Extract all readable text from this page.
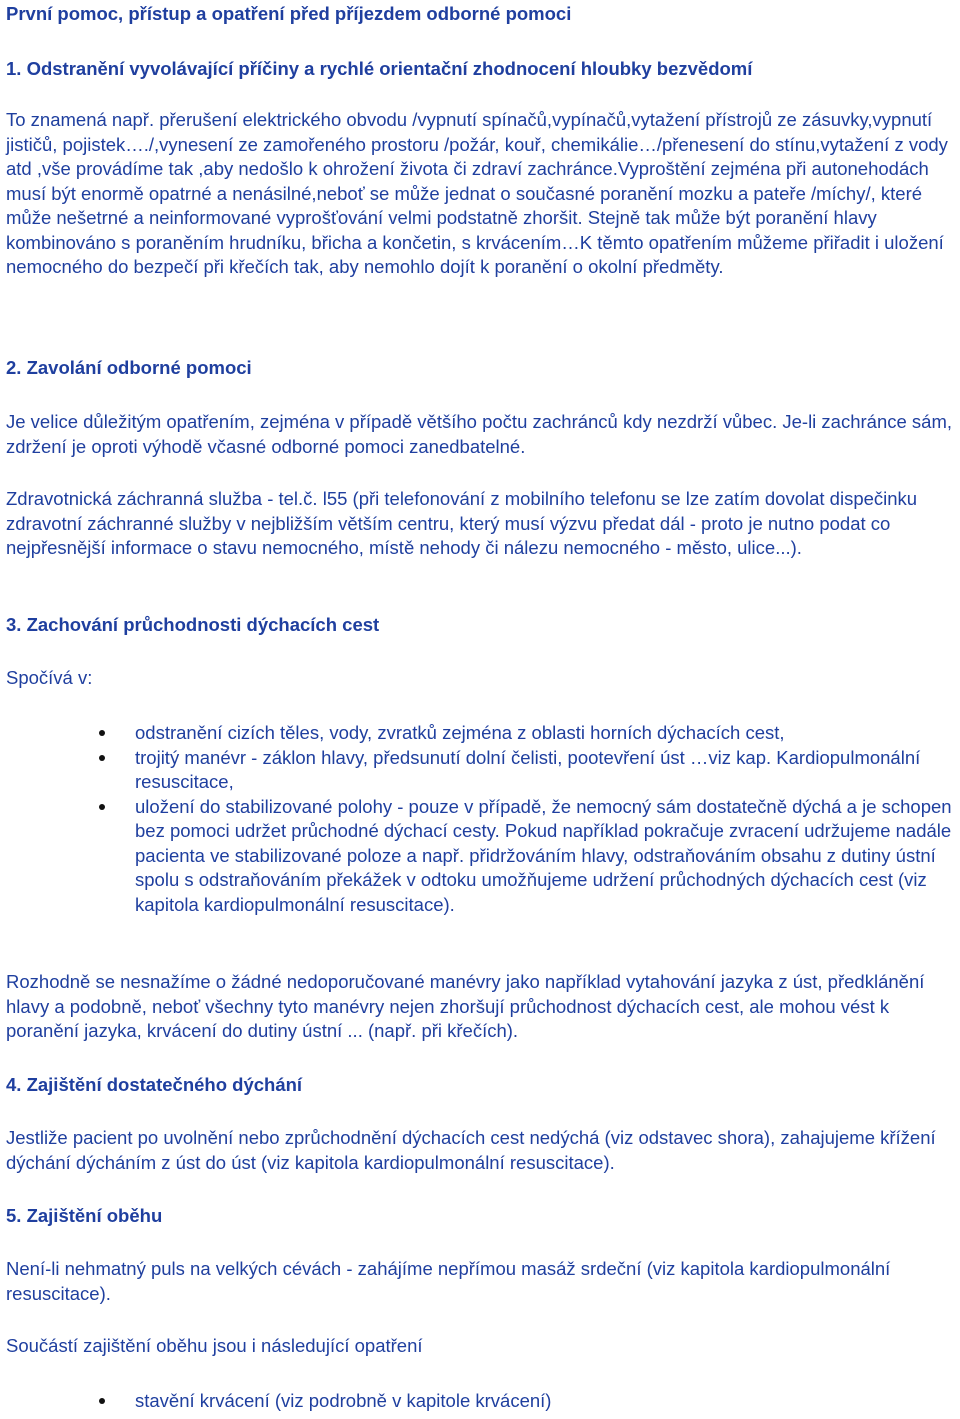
První pomoc, přístup a opatření před příjezdem odborné pomoci

1. Odstranění vyvolávající příčiny a rychlé orientační zhodnocení hloubky bezvědomí

To znamená např. přerušení elektrického obvodu /vypnutí spínačů,vypínačů,vytažení přístrojů ze zásuvky,vypnutí jističů, pojistek…./,vynesení ze zamořeného prostoru /požár, kouř, chemikálie…/přenesení do stínu,vytažení z vody atd ,vše provádíme tak ,aby nedošlo k ohrožení života či zdraví zachránce.Vyproštění zejména při autonehodách musí být enormě opatrné a nenásilné,neboť se může jednat o současné poranění mozku a pateře /míchy/, které může nešetrné a neinformované vyprošťování velmi podstatně zhoršit. Stejně tak může být poranění hlavy kombinováno s poraněním hrudníku, břicha a končetin, s krvácením…K těmto opatřením můžeme přiřadit i uložení nemocného do bezpečí při křečích tak, aby nemohlo dojít k poranění o okolní předměty.

2. Zavolání odborné pomoci

Je velice důležitým opatřením, zejména v případě většího počtu zachránců kdy nezdrží vůbec. Je-li zachránce sám, zdržení je oproti výhodě včasné odborné pomoci zanedbatelné.

Zdravotnická záchranná služba - tel.č. l55 (při telefonování z mobilního telefonu se lze zatím dovolat dispečinku zdravotní záchranné služby v nejbližším větším centru, který musí výzvu předat dál - proto je nutno podat co nejpřesnější informace o stavu nemocného, místě nehody či nálezu nemocného - město, ulice...).

3. Zachování průchodnosti dýchacích cest

Spočívá v:

odstranění cizích těles, vody, zvratků zejména z oblasti horních dýchacích cest,
trojitý manévr - záklon hlavy, předsunutí dolní čelisti, pootevření úst …viz kap. Kardiopulmonální resuscitace,
uložení do stabilizované polohy - pouze v případě, že nemocný sám dostatečně dýchá a je schopen bez pomoci udržet průchodné dýchací cesty. Pokud například pokračuje zvracení udržujeme nadále pacienta ve stabilizované poloze a např. přidržováním hlavy, odstraňováním obsahu z dutiny ústní spolu s odstraňováním překážek v odtoku umožňujeme udržení průchodných dýchacích cest (viz kapitola kardiopulmonální resuscitace).

Rozhodně se nesnažíme o žádné nedoporučované manévry jako například vytahování jazyka z úst, předklánění hlavy a podobně, neboť všechny tyto manévry nejen zhoršují průchodnost dýchacích cest, ale mohou vést k poranění jazyka, krvácení do dutiny ústní ... (např. při křečích).

4. Zajištění dostatečného dýchání

Jestliže pacient po uvolnění nebo zprůchodnění dýchacích cest nedýchá (viz odstavec shora), zahajujeme křížení dýchání dýcháním z úst do úst (viz kapitola kardiopulmonální resuscitace).

5. Zajištění oběhu

Není-li nehmatný puls na velkých cévách - zahájíme nepřímou masáž srdeční (viz kapitola kardiopulmonální resuscitace).

Součástí zajištění oběhu jsou i následující opatření

stavění krvácení (viz podrobně v kapitole krvácení)
